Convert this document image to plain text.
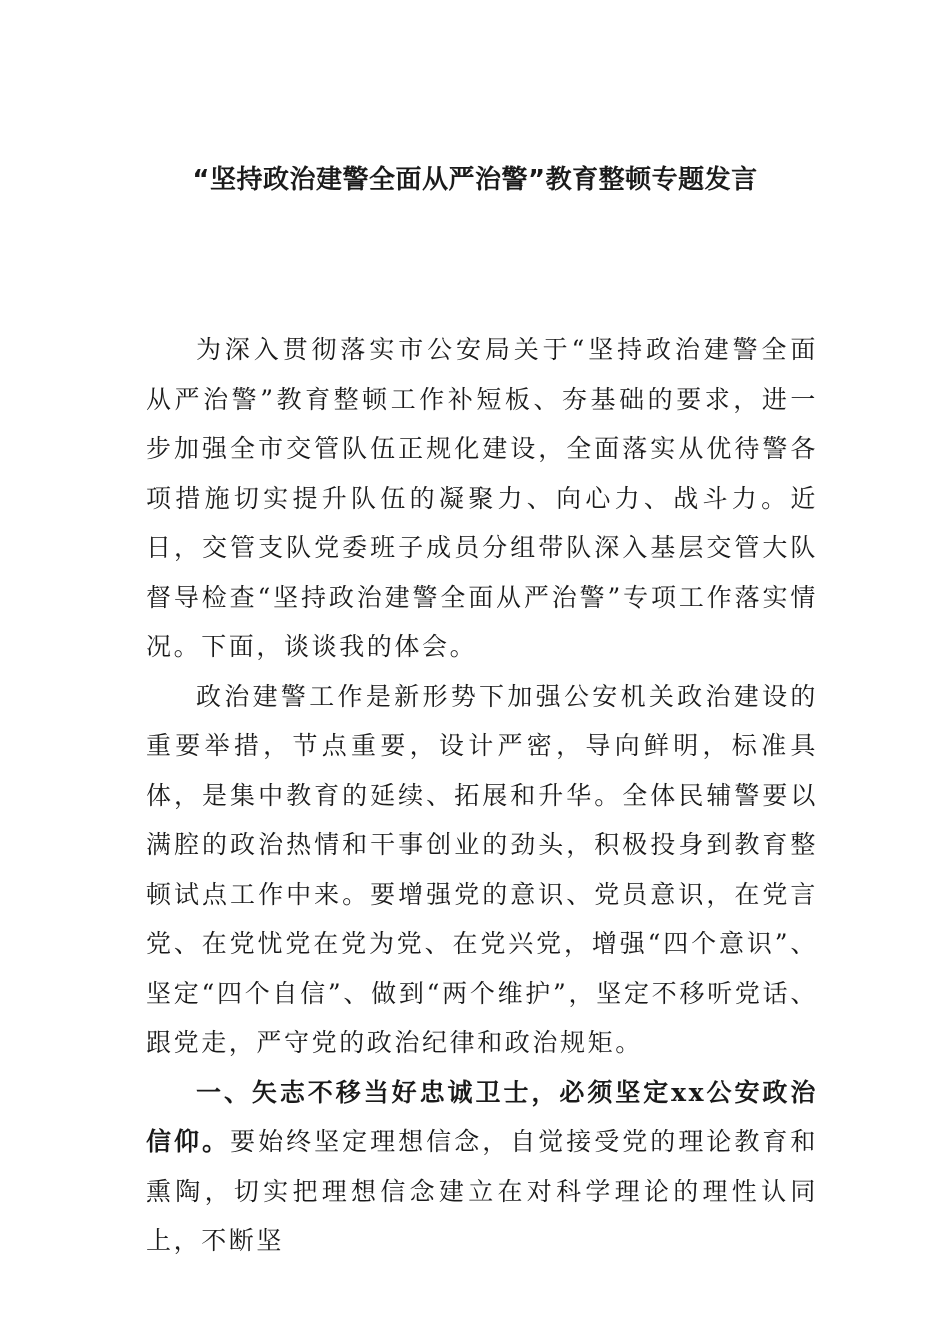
“坚持政治建警全面从严治警”教育整顿专题发言

为深入贯彻落实市公安局关于“坚持政治建警全面从严治警”教育整顿工作补短板、夯基础的要求，进一步加强全市交管队伍正规化建设，全面落实从优待警各项措施切实提升队伍的凝聚力、向心力、战斗力。近日，交管支队党委班子成员分组带队深入基层交管大队督导检查“坚持政治建警全面从严治警”专项工作落实情况。下面，谈谈我的体会。

政治建警工作是新形势下加强公安机关政治建设的重要举措，节点重要，设计严密，导向鲜明，标准具体，是集中教育的延续、拓展和升华。全体民辅警要以满腔的政治热情和干事创业的劲头，积极投身到教育整顿试点工作中来。要增强党的意识、党员意识，在党言党、在党忧党在党为党、在党兴党，增强“四个意识”、坚定“四个自信”、做到“两个维护”，坚定不移听党话、跟党走，严守党的政治纪律和政治规矩。

一、矢志不移当好忠诚卫士，必须坚定xx公安政治信仰。要始终坚定理想信念，自觉接受党的理论教育和熏陶，切实把理想信念建立在对科学理论的理性认同上，不断坚
